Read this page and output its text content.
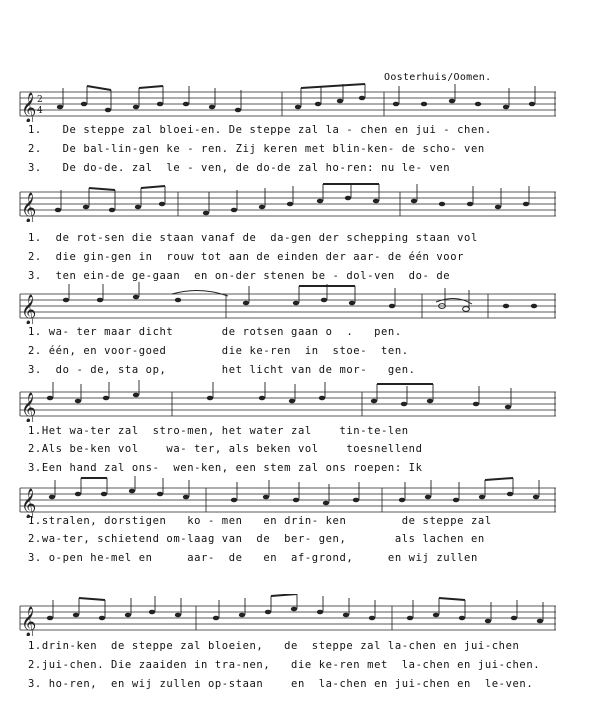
Oosterhuis/Oomen.
𝄞 2
4
1.   De steppe zal bloei-en. De steppe zal la - chen en jui - chen.
2.   De bal-lin-gen ke - ren. Zij keren met blin-ken- de scho- ven
3.   De do-de. zal  le - ven, de do-de zal ho-ren: nu le- ven
𝄞
1.  de rot-sen die staan vanaf de  da-gen der schepping staan vol
2.  die gin-gen in  rouw tot aan de einden der aar- de één voor
3.  ten ein-de ge-gaan  en on-der stenen be - dol-ven  do- de
𝄞
1. wa- ter maar dicht       de rotsen gaan o  .   pen.
2. één, en voor-goed        die ke-ren  in  stoe-  ten.
3.  do - de, sta op,        het licht van de mor-   gen.
𝄞
1.Het wa-ter zal  stro-men, het water zal    tin-te-len
2.Als be-ken vol    wa- ter, als beken vol    toesnellend
3.Een hand zal ons-  wen-ken, een stem zal ons roepen: Ik
𝄞
1.stralen, dorstigen   ko - men   en drin- ken        de steppe zal
2.wa-ter, schietend om-laag van  de  ber- gen,       als lachen en
3. o-pen he-mel en     aar-  de   en  af-grond,     en wij zullen
𝄞
1.drin-ken  de steppe zal bloeien,   de  steppe zal la-chen en jui-chen
2.jui-chen. Die zaaiden in tra-nen,   die ke-ren met  la-chen en jui-chen.
3. ho-ren,  en wij zullen op-staan    en  la-chen en jui-chen en  le-ven.
